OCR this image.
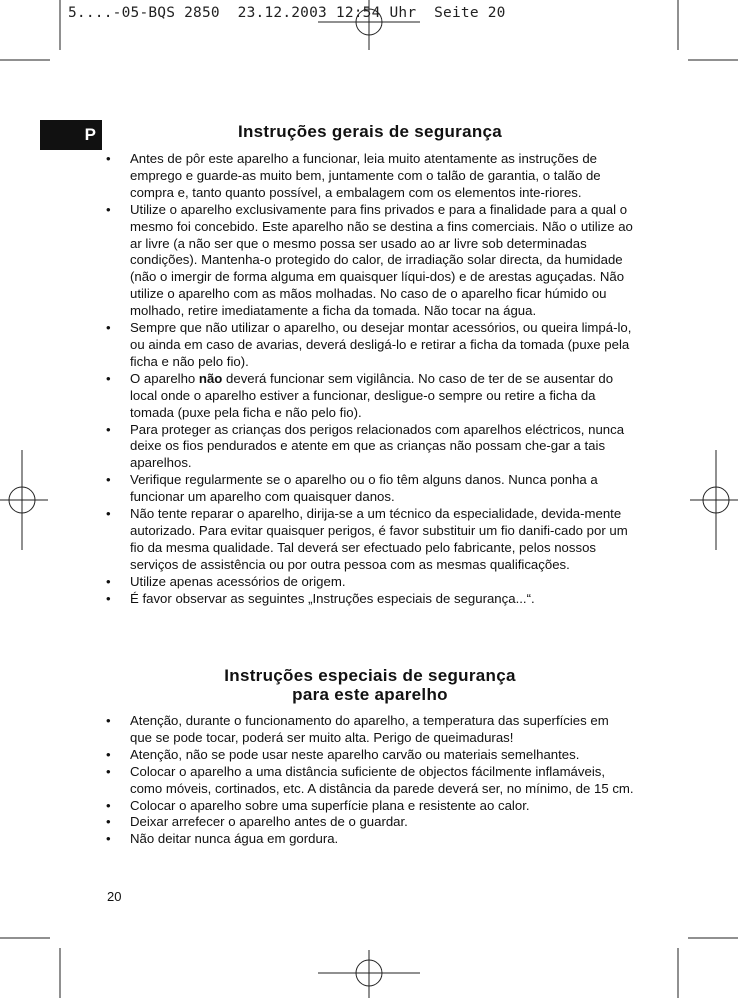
5....-05-BQS 2850  23.12.2003 12:54 Uhr  Seite 20
P	Instruções gerais de segurança
• Antes de pôr este aparelho a funcionar, leia muito atentamente as instruções de emprego e guarde-as muito bem, juntamente com o talão de garantia, o talão de compra e, tanto quanto possível, a embalagem com os elementos inte-riores.
• Utilize o aparelho exclusivamente para fins privados e para a finalidade para a qual o mesmo foi concebido. Este aparelho não se destina a fins comerciais. Não o utilize ao ar livre (a não ser que o mesmo possa ser usado ao ar livre sob determinadas condições). Mantenha-o protegido do calor, de irradiação solar directa, da humidade (não o imergir de forma alguma em quaisquer líqui-dos) e de arestas aguçadas. Não utilize o aparelho com as mãos molhadas. No caso de o aparelho ficar húmido ou molhado, retire imediatamente a ficha da tomada. Não tocar na água.
• Sempre que não utilizar o aparelho, ou desejar montar acessórios, ou queira limpá-lo, ou ainda em caso de avarias, deverá desligá-lo e retirar a ficha da tomada (puxe pela ficha e não pelo fio).
• O aparelho não deverá funcionar sem vigilância. No caso de ter de se ausentar do local onde o aparelho estiver a funcionar, desligue-o sempre ou retire a ficha da tomada (puxe pela ficha e não pelo fio).
• Para proteger as crianças dos perigos relacionados com aparelhos eléctricos, nunca deixe os fios pendurados e atente em que as crianças não possam che-gar a tais aparelhos.
• Verifique regularmente se o aparelho ou o fio têm alguns danos. Nunca ponha a funcionar um aparelho com quaisquer danos.
• Não tente reparar o aparelho, dirija-se a um técnico da especialidade, devida-mente autorizado. Para evitar quaisquer perigos, é favor substituir um fio danifi-cado por um fio da mesma qualidade. Tal deverá ser efectuado pelo fabricante, pelos nossos serviços de assistência ou por outra pessoa com as mesmas qualificações.
• Utilize apenas acessórios de origem.
• É favor observar as seguintes „Instruções especiais de segurança...“.
Instruções especiais de segurança
para este aparelho
• Atenção, durante o funcionamento do aparelho, a temperatura das superfícies em que se pode tocar, poderá ser muito alta. Perigo de queimaduras!
• Atenção, não se pode usar neste aparelho carvão ou materiais semelhantes.
• Colocar o aparelho a uma distância suficiente de objectos fácilmente inflamáveis, como móveis, cortinados, etc. A distância da parede deverá ser, no mínimo, de 15 cm.
• Colocar o aparelho sobre uma superfície plana e resistente ao calor.
• Deixar arrefecer o aparelho antes de o guardar.
• Não deitar nunca água em gordura.
20
